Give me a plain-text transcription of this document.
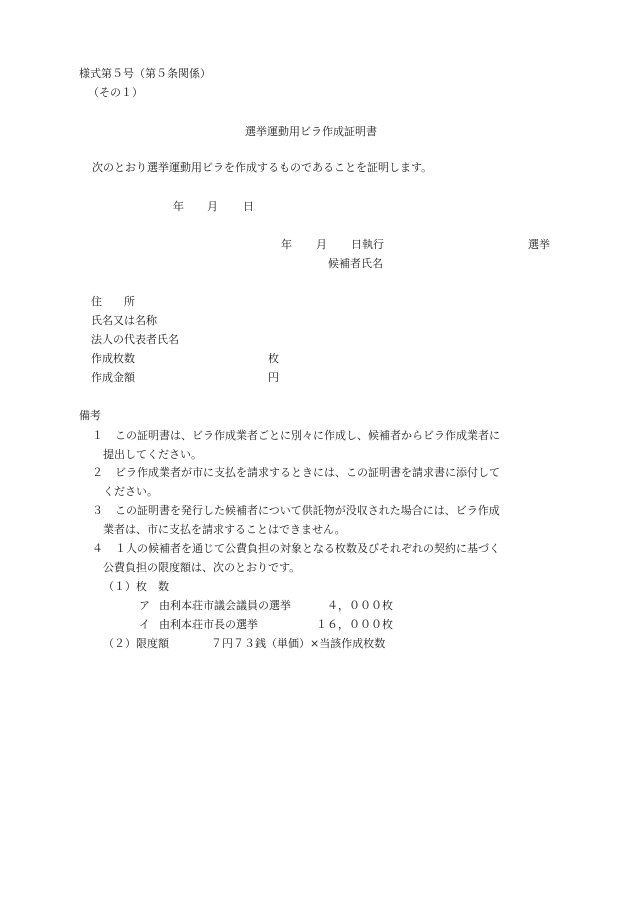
様式第５号（第５条関係）
（その１）
選挙運動用ビラ作成証明書
次のとおり選挙運動用ビラを作成するものであることを証明します。
年 月 日
年 月 日執行	選挙
候補者氏名
住　　所
氏名又は名称
法人の代表者氏名
作成枚数	枚
作成金額	円
備考
１ この証明書は、ビラ作成業者ごとに別々に作成し、候補者からビラ作成業者に
提出してください。
２ ビラ作成業者が市に支払を請求するときには、この証明書を請求書に添付して
ください。
３ この証明書を発行した候補者について供託物が没収された場合には、ビラ作成
業者は、市に支払を請求することはできません。
４ １人の候補者を通じて公費負担の対象となる枚数及びそれぞれの契約に基づく
公費負担の限度額は、次のとおりです。
（１）枚　数
ア 由利本荘市議会議員の選挙	４，０００枚
イ 由利本荘市長の選挙	１６，０００枚
（２）限度額	７円７３銭（単価）×当該作成枚数
